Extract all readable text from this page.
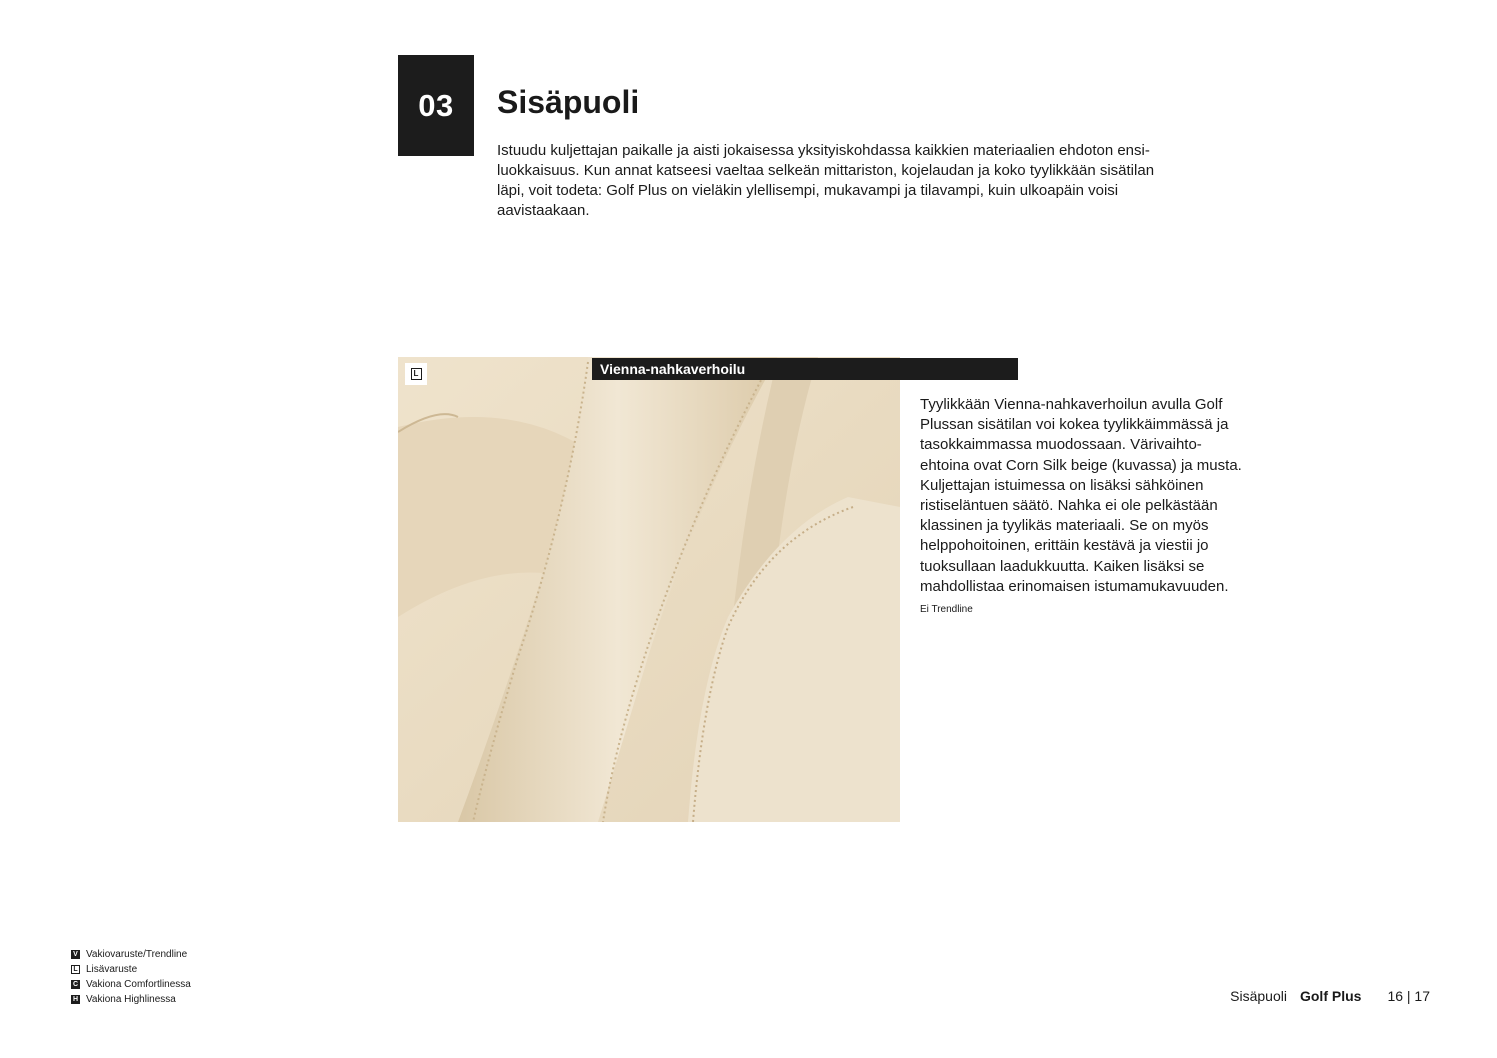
03 Sisäpuoli

Istuudu kuljettajan paikalle ja aisti jokaisessa yksityiskohdassa kaikkien materiaalien ehdoton ensi-luokkaisuus. Kun annat katseesi vaeltaa selkeän mittariston, kojelaudan ja koko tyylikkään sisätilan läpi, voit todeta: Golf Plus on vieläkin ylellisempi, mukavampi ja tilavampi, kuin ulkoapäin voisi aavistaakaan.

L	Vienna-nahkaverhoilu

Tyylikkään Vienna-nahkaverhoilun avulla Golf Plussan sisätilan voi kokea tyylikkäimmässä ja tasokkaimmassa muodossaan. Värivaihto-ehtoina ovat Corn Silk beige (kuvassa) ja musta. Kuljettajan istuimessa on lisäksi sähköinen ristiseläntuen säätö. Nahka ei ole pelkästään klassinen ja tyylikäs materiaali. Se on myös helppohoitoinen, erittäin kestävä ja viestii jo tuoksullaan laadukkuutta. Kaiken lisäksi se mahdollistaa erinomaisen istumamukavuuden.

Ei Trendline
V Vakiovaruste/Trendline
L Lisävaruste
C Vakiona Comfortlinessa
H Vakiona Highlinessa	Sisäpuoli Golf Plus 16 | 17
